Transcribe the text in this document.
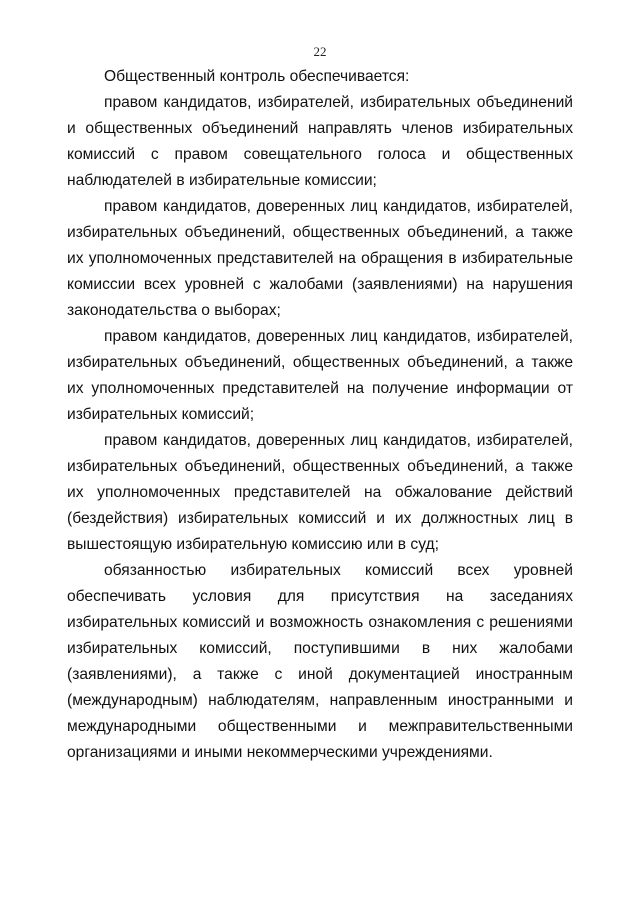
22

Общественный контроль обеспечивается:

правом кандидатов, избирателей, избирательных объединений и общественных объединений направлять членов избирательных комиссий с правом совещательного голоса и общественных наблюдателей в избирательные комиссии;

правом кандидатов, доверенных лиц кандидатов, избирателей, избирательных объединений, общественных объединений, а также их уполномоченных представителей на обращения в избирательные комиссии всех уровней с жалобами (заявлениями) на нарушения законодательства о выборах;

правом кандидатов, доверенных лиц кандидатов, избирателей, избирательных объединений, общественных объединений, а также их уполномоченных представителей на получение информации от избирательных комиссий;

правом кандидатов, доверенных лиц кандидатов, избирателей, избирательных объединений, общественных объединений, а также их уполномоченных представителей на обжалование действий (бездействия) избирательных комиссий и их должностных лиц в вышестоящую избирательную комиссию или в суд;

обязанностью избирательных комиссий всех уровней обеспечивать условия для присутствия на заседаниях избирательных комиссий и возможность ознакомления с решениями избирательных комиссий, поступившими в них жалобами (заявлениями), а также с иной документацией иностранным (международным) наблюдателям, направленным иностранными и международными общественными и межправительственными организациями и иными некоммерческими учреждениями.
